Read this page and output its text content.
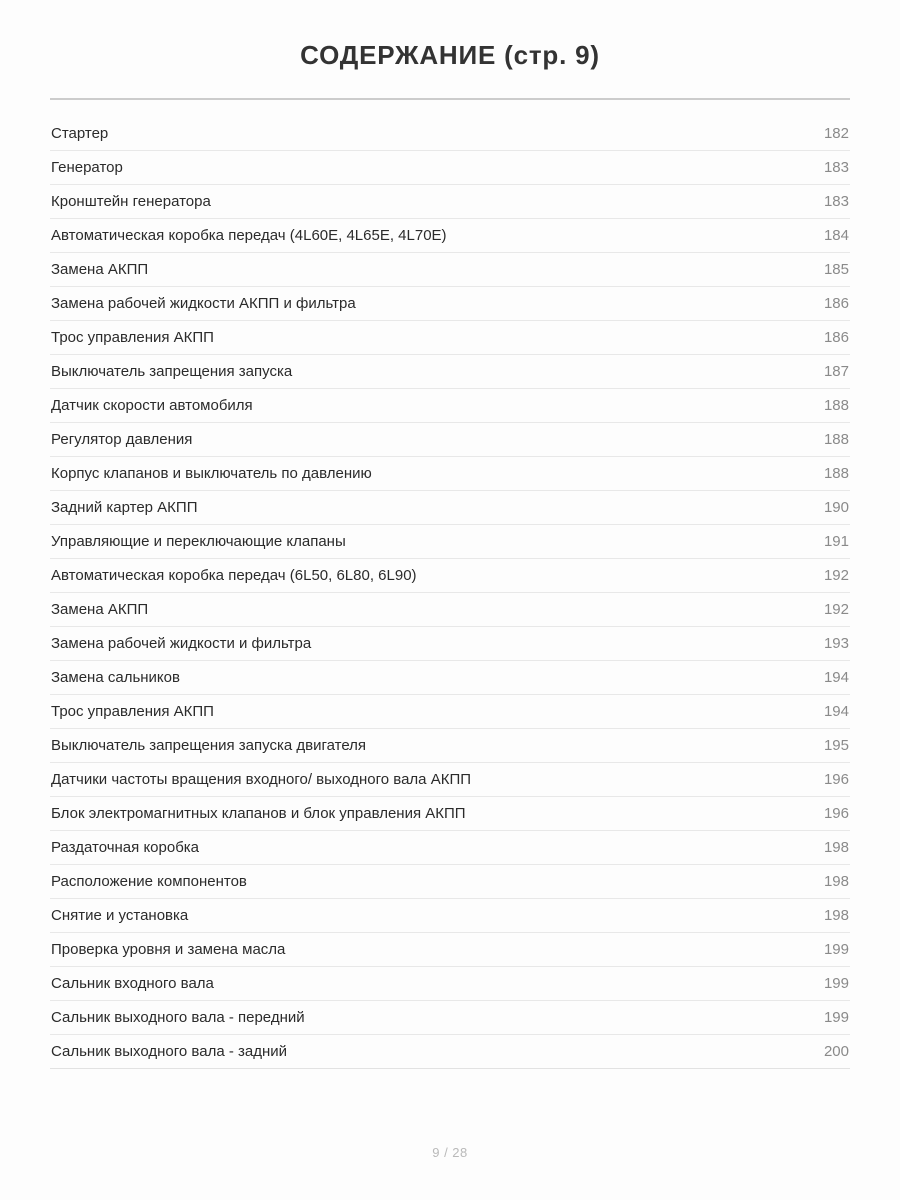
СОДЕРЖАНИЕ (стр. 9)
Стартер	182
Генератор	183
Кронштейн генератора	183
Автоматическая коробка передач (4L60E, 4L65E, 4L70E)	184
Замена АКПП	185
Замена рабочей жидкости АКПП и фильтра	186
Трос управления АКПП	186
Выключатель запрещения запуска	187
Датчик скорости автомобиля	188
Регулятор давления	188
Корпус клапанов и выключатель по давлению	188
Задний картер АКПП	190
Управляющие и переключающие клапаны	191
Автоматическая коробка передач (6L50, 6L80, 6L90)	192
Замена АКПП	192
Замена рабочей жидкости и фильтра	193
Замена сальников	194
Трос управления АКПП	194
Выключатель запрещения запуска двигателя	195
Датчики частоты вращения входного/ выходного вала АКПП	196
Блок электромагнитных клапанов и блок управления АКПП	196
Раздаточная коробка	198
Расположение компонентов	198
Снятие и установка	198
Проверка уровня и замена масла	199
Сальник входного вала	199
Сальник выходного вала - передний	199
Сальник выходного вала - задний	200
9 / 28
